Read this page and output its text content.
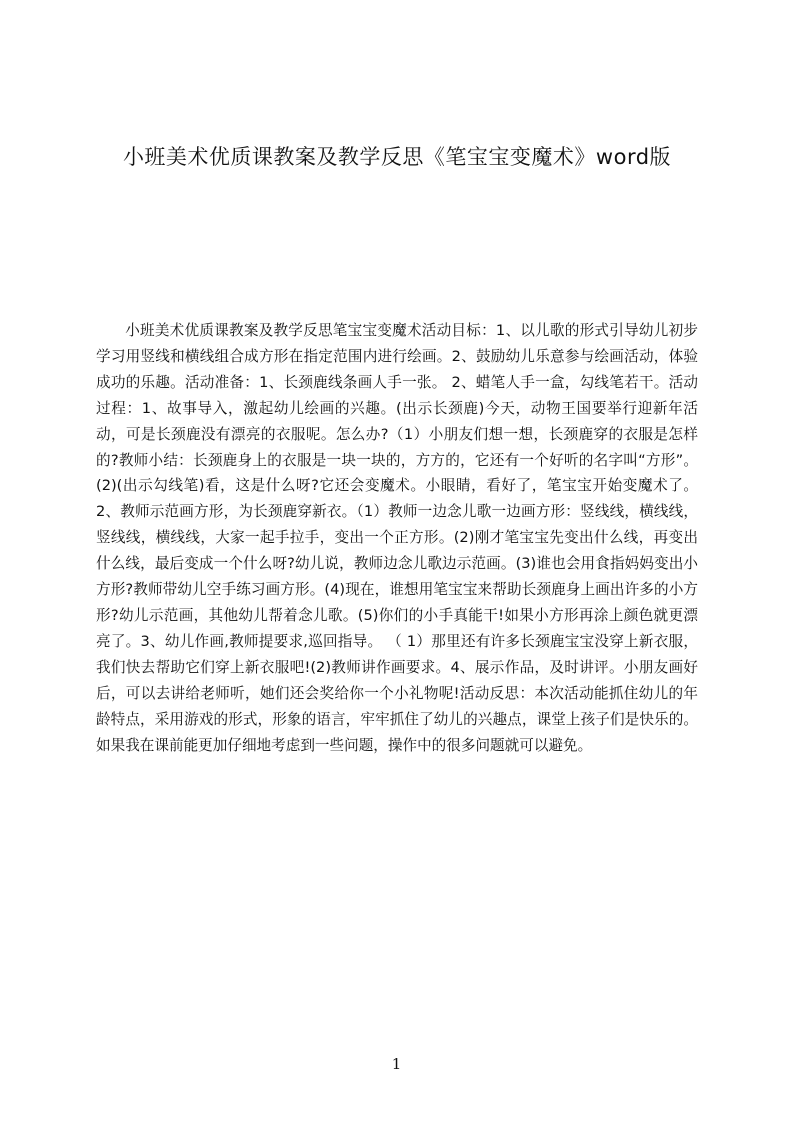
小班美术优质课教案及教学反思《笔宝宝变魔术》word版

小班美术优质课教案及教学反思笔宝宝变魔术活动目标：1、以儿歌的形式引导幼儿初步学习用竖线和横线组合成方形在指定范围内进行绘画。2、鼓励幼儿乐意参与绘画活动，体验成功的乐趣。活动准备：1、长颈鹿线条画人手一张。 2、蜡笔人手一盒，勾线笔若干。活动过程：1、故事导入，激起幼儿绘画的兴趣。(出示长颈鹿)今天，动物王国要举行迎新年活动，可是长颈鹿没有漂亮的衣服呢。怎么办?（1）小朋友们想一想，长颈鹿穿的衣服是怎样的?教师小结：长颈鹿身上的衣服是一块一块的，方方的，它还有一个好听的名字叫“方形”。(2)(出示勾线笔)看，这是什么呀?它还会变魔术。小眼睛，看好了，笔宝宝开始变魔术了。2、教师示范画方形，为长颈鹿穿新衣。（1）教师一边念儿歌一边画方形：竖线线，横线线，竖线线，横线线，大家一起手拉手，变出一个正方形。(2)刚才笔宝宝先变出什么线，再变出什么线，最后变成一个什么呀?幼儿说，教师边念儿歌边示范画。(3)谁也会用食指妈妈变出小方形?教师带幼儿空手练习画方形。(4)现在，谁想用笔宝宝来帮助长颈鹿身上画出许多的小方形?幼儿示范画，其他幼儿帮着念儿歌。(5)你们的小手真能干!如果小方形再涂上颜色就更漂亮了。3、幼儿作画,教师提要求,巡回指导。 （ 1）那里还有许多长颈鹿宝宝没穿上新衣服，我们快去帮助它们穿上新衣服吧!(2)教师讲作画要求。4、展示作品，及时讲评。小朋友画好后，可以去讲给老师听，她们还会奖给你一个小礼物呢!活动反思：本次活动能抓住幼儿的年龄特点，采用游戏的形式，形象的语言，牢牢抓住了幼儿的兴趣点，课堂上孩子们是快乐的。如果我在课前能更加仔细地考虑到一些问题，操作中的很多问题就可以避免。

1
